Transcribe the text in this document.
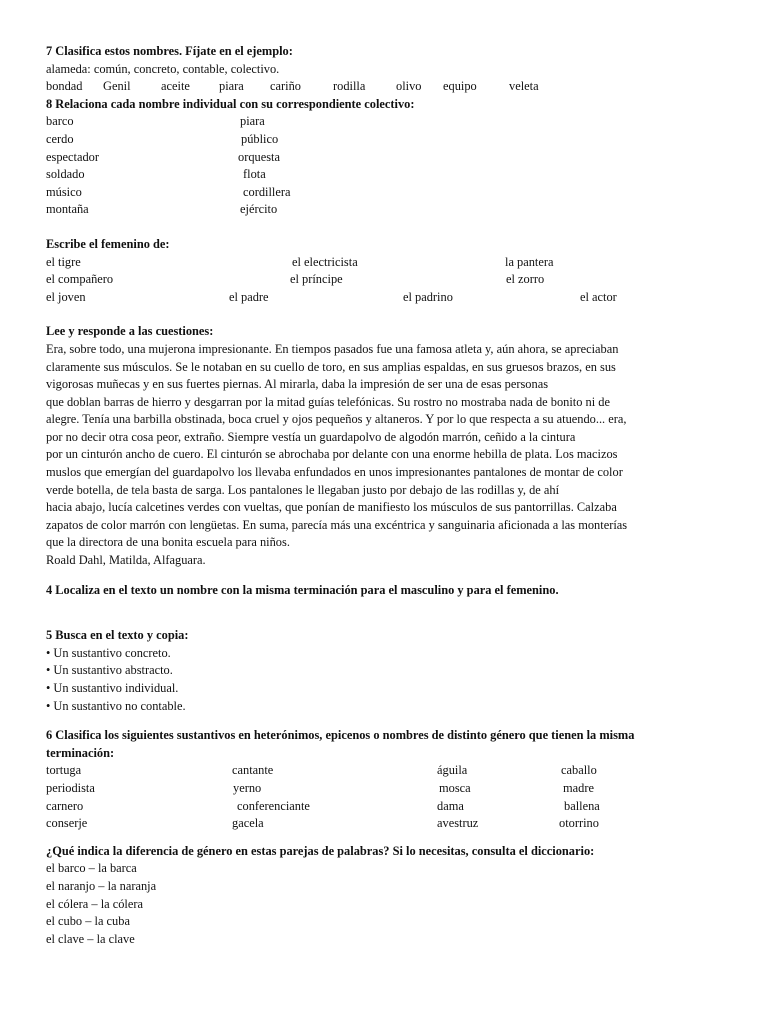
7 Clasifica estos nombres. Fíjate en el ejemplo:
alameda: común, concreto, contable, colectivo.
bondad Genil aceite piara cariño	rodilla olivo equipo	veleta
8 Relaciona cada nombre individual con su correspondiente colectivo:
barco	piara
cerdo	público
espectador	orquesta
soldado	flota
músico	cordillera
montaña	ejército
Escribe el femenino de:
el tigre	el electricista	la pantera
el compañero	el príncipe	el zorro
el joven	el padre	el padrino	el actor
Lee y responde a las cuestiones:
Era, sobre todo, una mujerona impresionante. En tiempos pasados fue una famosa atleta y, aún ahora, se apreciaban
claramente sus músculos. Se le notaban en su cuello de toro, en sus amplias espaldas, en sus gruesos brazos, en sus
vigorosas muñecas y en sus fuertes piernas. Al mirarla, daba la impresión de ser una de esas personas
que doblan barras de hierro y desgarran por la mitad guías telefónicas. Su rostro no mostraba nada de bonito ni de
alegre. Tenía una barbilla obstinada, boca cruel y ojos pequeños y altaneros. Y por lo que respecta a su atuendo... era,
por no decir otra cosa peor, extraño. Siempre vestía un guardapolvo de algodón marrón, ceñido a la cintura
por un cinturón ancho de cuero. El cinturón se abrochaba por delante con una enorme hebilla de plata. Los macizos
muslos que emergían del guardapolvo los llevaba enfundados en unos impresionantes pantalones de montar de color
verde botella, de tela basta de sarga. Los pantalones le llegaban justo por debajo de las rodillas y, de ahí
hacia abajo, lucía calcetines verdes con vueltas, que ponían de manifiesto los músculos de sus pantorrillas. Calzaba
zapatos de color marrón con lengüetas. En suma, parecía más una excéntrica y sanguinaria aficionada a las monterías
que la directora de una bonita escuela para niños.
Roald Dahl, Matilda, Alfaguara.
4 Localiza en el texto un nombre con la misma terminación para el masculino y para el femenino.
5 Busca en el texto y copia:
• Un sustantivo concreto.
• Un sustantivo abstracto.
• Un sustantivo individual.
• Un sustantivo no contable.
6 Clasifica los siguientes sustantivos en heterónimos, epicenos o nombres de distinto género que tienen la misma
terminación:
tortuga	cantante	águila	caballo
periodista	yerno	mosca	madre
carnero	conferenciante	dama	ballena
conserje	gacela	avestruz	otorrino
¿Qué indica la diferencia de género en estas parejas de palabras? Si lo necesitas, consulta el diccionario:
el barco – la barca
el naranjo – la naranja
el cólera – la cólera
el cubo – la cuba
el clave – la clave
